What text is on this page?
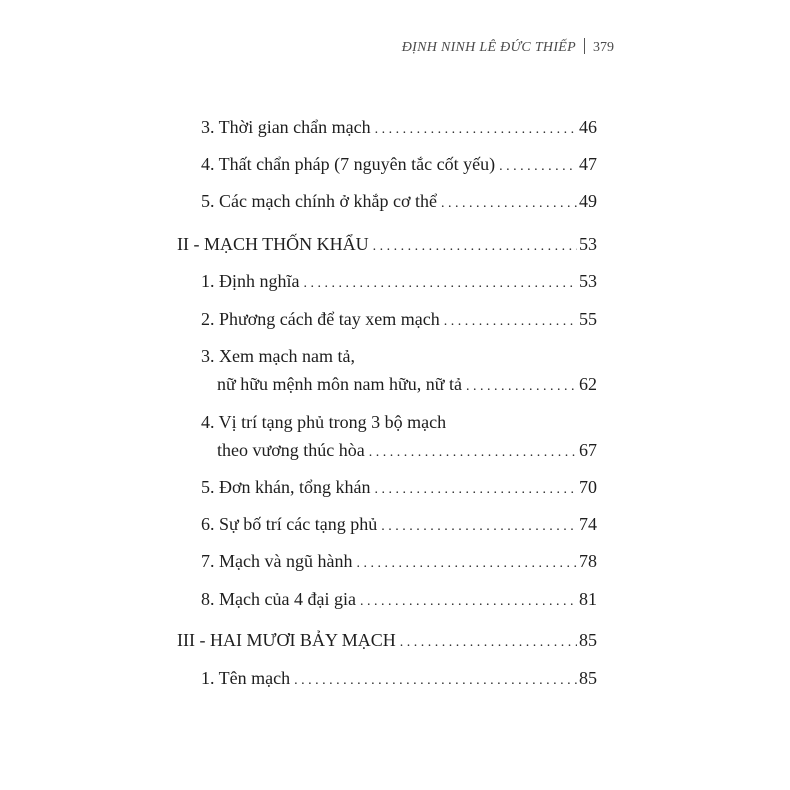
ĐỊNH NINH LÊ ĐỨC THIẾP 379
3. Thời gian chẩn mạch . . .	46
4. Thất chẩn pháp (7 nguyên tắc cốt yếu) . . .	47
5. Các mạch chính ở khắp cơ thể . . .	49
II - MẠCH THỐN KHẨU . . .	53
1. Định nghĩa . . .	53
2. Phương cách để tay xem mạch . . .	55
3. Xem mạch nam tả,
nữ hữu mệnh môn nam hữu, nữ tả . . .	62
4. Vị trí tạng phủ trong 3 bộ mạch
theo vương thúc hòa . . .	67
5. Đơn khán, tổng khán . . .	70
6. Sự bố trí các tạng phủ . . .	74
7. Mạch và ngũ hành . . .	78
8. Mạch của 4 đại gia . . .	81
III - HAI MƯƠI BẢY MẠCH . . .	85
1. Tên mạch . . .	85
